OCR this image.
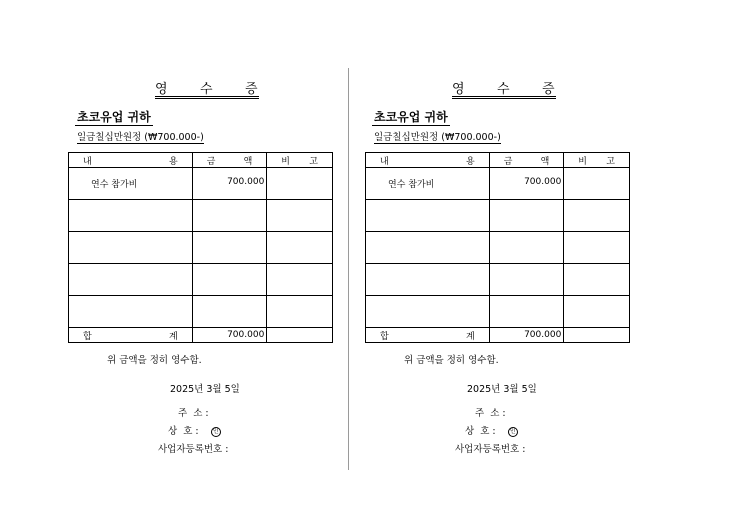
영 수 증
초코유업 귀하
일금칠십만원정 (₩700.000-)
내 용	금 액	비 고

연수 참가비	700.000	

합 계	700.000	
위 금액을 정히 영수함.
2025년 3월 5일
주  소 :
상  호 : 인
사업자등록번호 :
영 수 증
초코유업 귀하
일금칠십만원정 (₩700.000-)
내 용	금 액	비 고

연수 참가비	700.000	

합 계	700.000	
위 금액을 정히 영수함.
2025년 3월 5일
주  소 :
상  호 : 인
사업자등록번호 :
